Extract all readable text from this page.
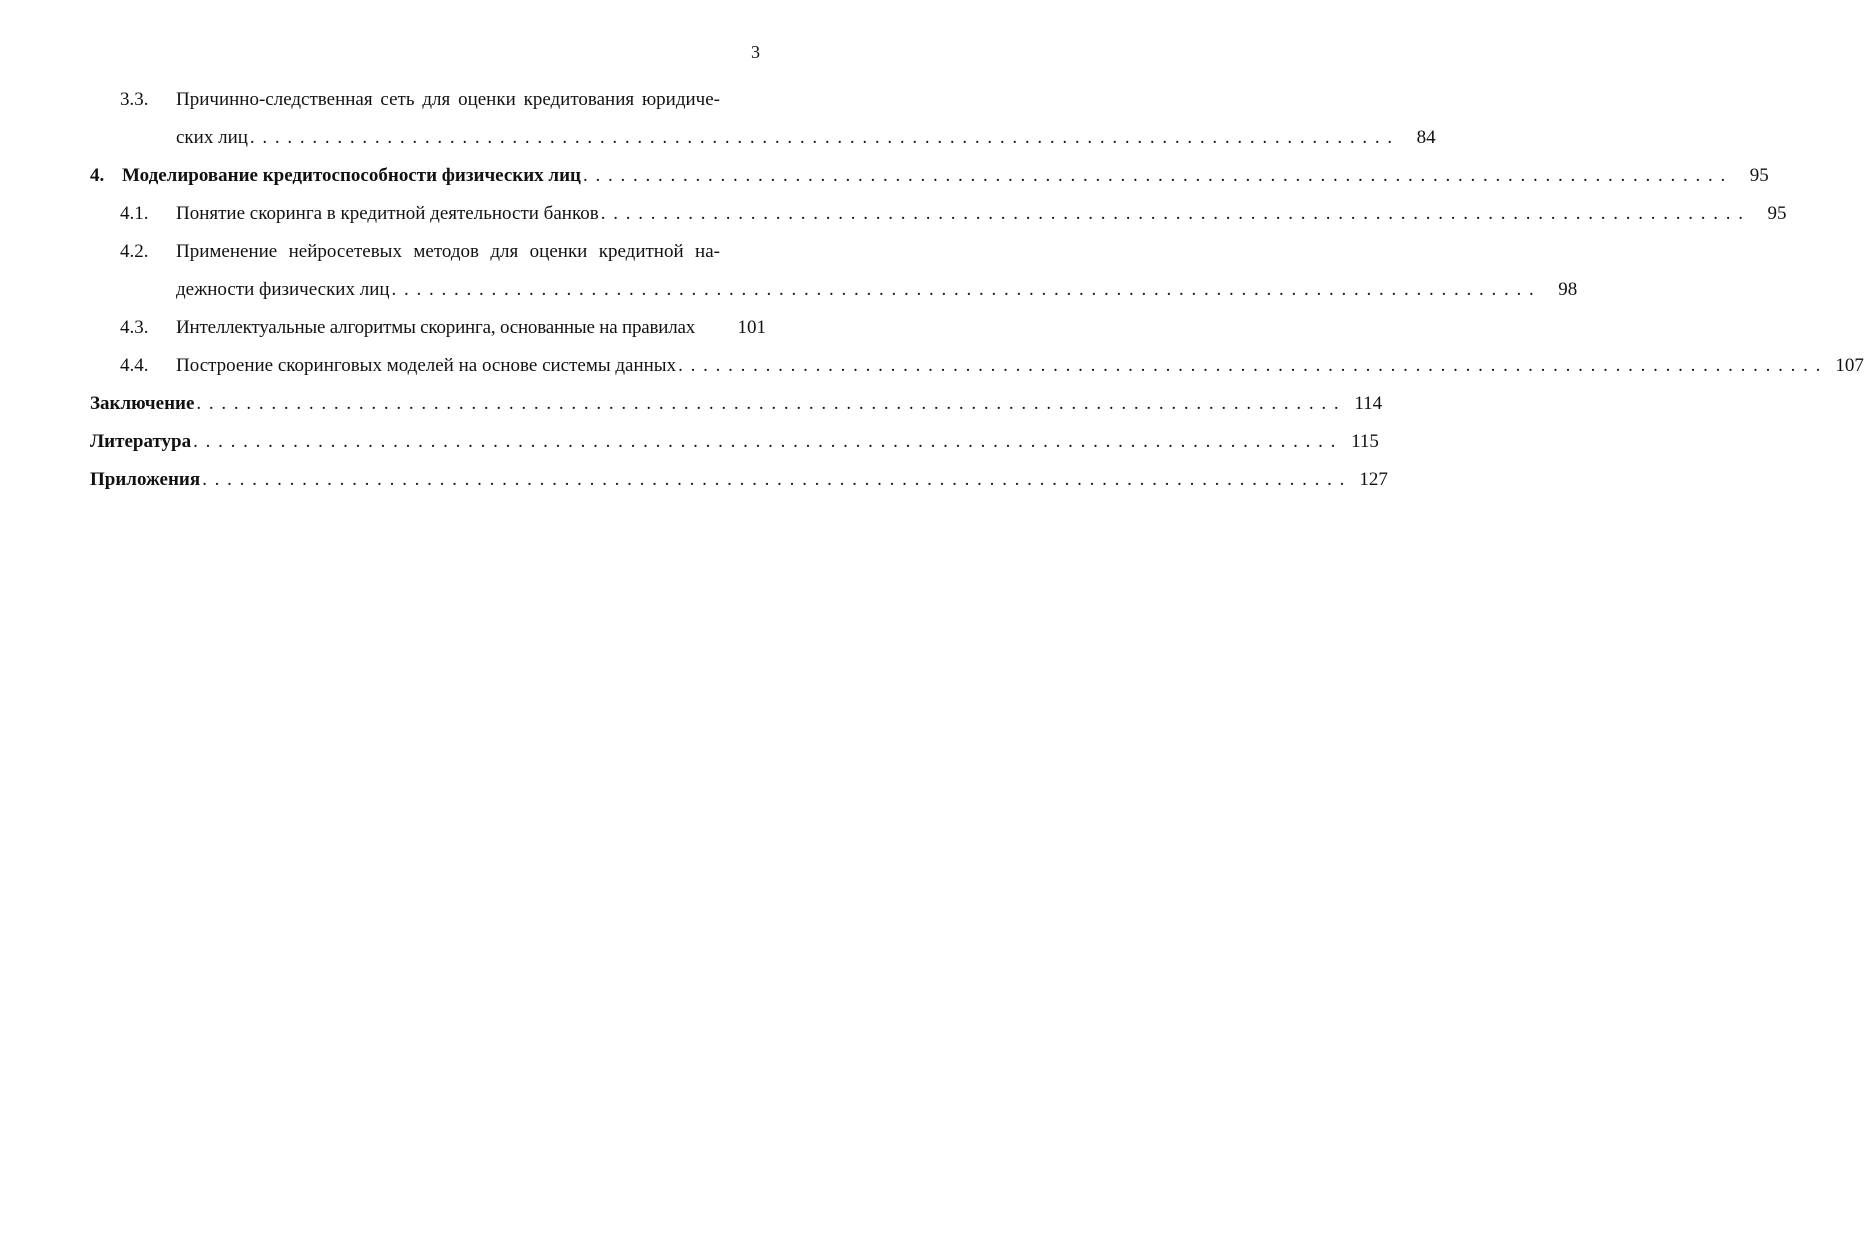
3
3.3.	Причинно-следственная сеть для оценки кредитования юридиче-
ских лиц . . . . . . . . . . . . . . . . . . . . . . . . . . . . . . . . . . . . . . . . . . . . . . . . . . . . . . . . . . . . . . . . . . . . . . . . . . . . . . . . . . . . . . . . . . . .	84
4. Моделирование кредитоспособности физических лиц . . . . . . . . . . . . . . . . . . . . . . . . . . . . . . . . . . . . . . . . . . . . . . . . . . . . . . . . . . . . . . . . . . . . . . . . . . . . . . . . . . . . . . . . . . . .	95
4.1.	Понятие скоринга в кредитной деятельности банков . . . . . . . . . . . . . . . . . . . . . . . . . . . . . . . . . . . . . . . . . . . . . . . . . . . . . . . . . . . . . . . . . . . . . . . . . . . . . . . . . . . . . . . . . . . .	95
4.2.	Применение нейросетевых методов для оценки кредитной на-
дежности физических лиц . . . . . . . . . . . . . . . . . . . . . . . . . . . . . . . . . . . . . . . . . . . . . . . . . . . . . . . . . . . . . . . . . . . . . . . . . . . . . . . . . . . . . . . . . . . .	98
4.3.	Интеллектуальные алгоритмы скоринга, основанные на правилах	101
4.4.	Построение скоринговых моделей на основе системы данных . . . . . . . . . . . . . . . . . . . . . . . . . . . . . . . . . . . . . . . . . . . . . . . . . . . . . . . . . . . . . . . . . . . . . . . . . . . . . . . . . . . . . . . . . . . . 107
Заключение . . . . . . . . . . . . . . . . . . . . . . . . . . . . . . . . . . . . . . . . . . . . . . . . . . . . . . . . . . . . . . . . . . . . . . . . . . . . . . . . . . . . . . . . . . . . 114
Литература . . . . . . . . . . . . . . . . . . . . . . . . . . . . . . . . . . . . . . . . . . . . . . . . . . . . . . . . . . . . . . . . . . . . . . . . . . . . . . . . . . . . . . . . . . . . 115
Приложения . . . . . . . . . . . . . . . . . . . . . . . . . . . . . . . . . . . . . . . . . . . . . . . . . . . . . . . . . . . . . . . . . . . . . . . . . . . . . . . . . . . . . . . . . . . . 127
